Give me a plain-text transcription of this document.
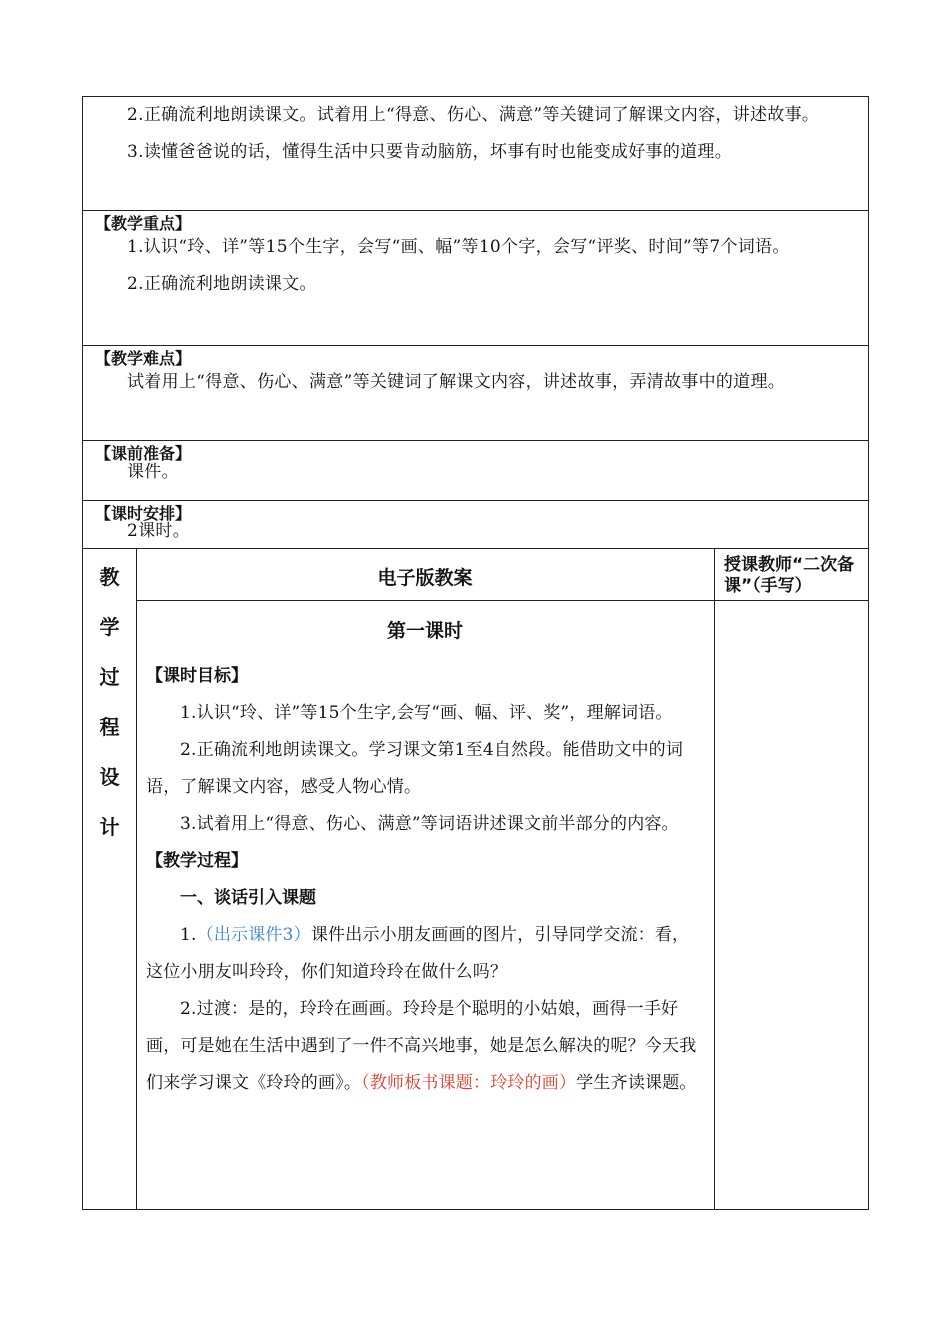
2.正确流利地朗读课文。试着用上“得意、伤心、满意”等关键词了解课文内容，讲述故事。

3.读懂爸爸说的话，懂得生活中只要肯动脑筋，坏事有时也能变成好事的道理。

【教学重点】

1.认识“玲、详”等15个生字，会写“画、幅”等10个字，会写“评奖、时间”等7个词语。

2.正确流利地朗读课文。

【教学难点】

试着用上“得意、伤心、满意”等关键词了解课文内容，讲述故事，弄清故事中的道理。

【课前准备】

课件。

【课时安排】

2课时。

教
学
过
程
设
计
电子版教案
第一课时
【课时目标】

1.认识“玲、详”等15个生字,会写“画、幅、评、奖”，理解词语。

2.正确流利地朗读课文。学习课文第1至4自然段。能借助文中的词语，了解课文内容，感受人物心情。

3.试着用上“得意、伤心、满意”等词语讲述课文前半部分的内容。

【教学过程】
一、谈话引入课题

1.（出示课件3）课件出示小朋友画画的图片，引导同学交流：看，这位小朋友叫玲玲，你们知道玲玲在做什么吗？

2.过渡：是的，玲玲在画画。玲玲是个聪明的小姑娘，画得一手好画，可是她在生活中遇到了一件不高兴地事，她是怎么解决的呢？今天我们来学习课文《玲玲的画》。（教师板书课题：玲玲的画）学生齐读课题。

授课教师“二次备课”（手写）
